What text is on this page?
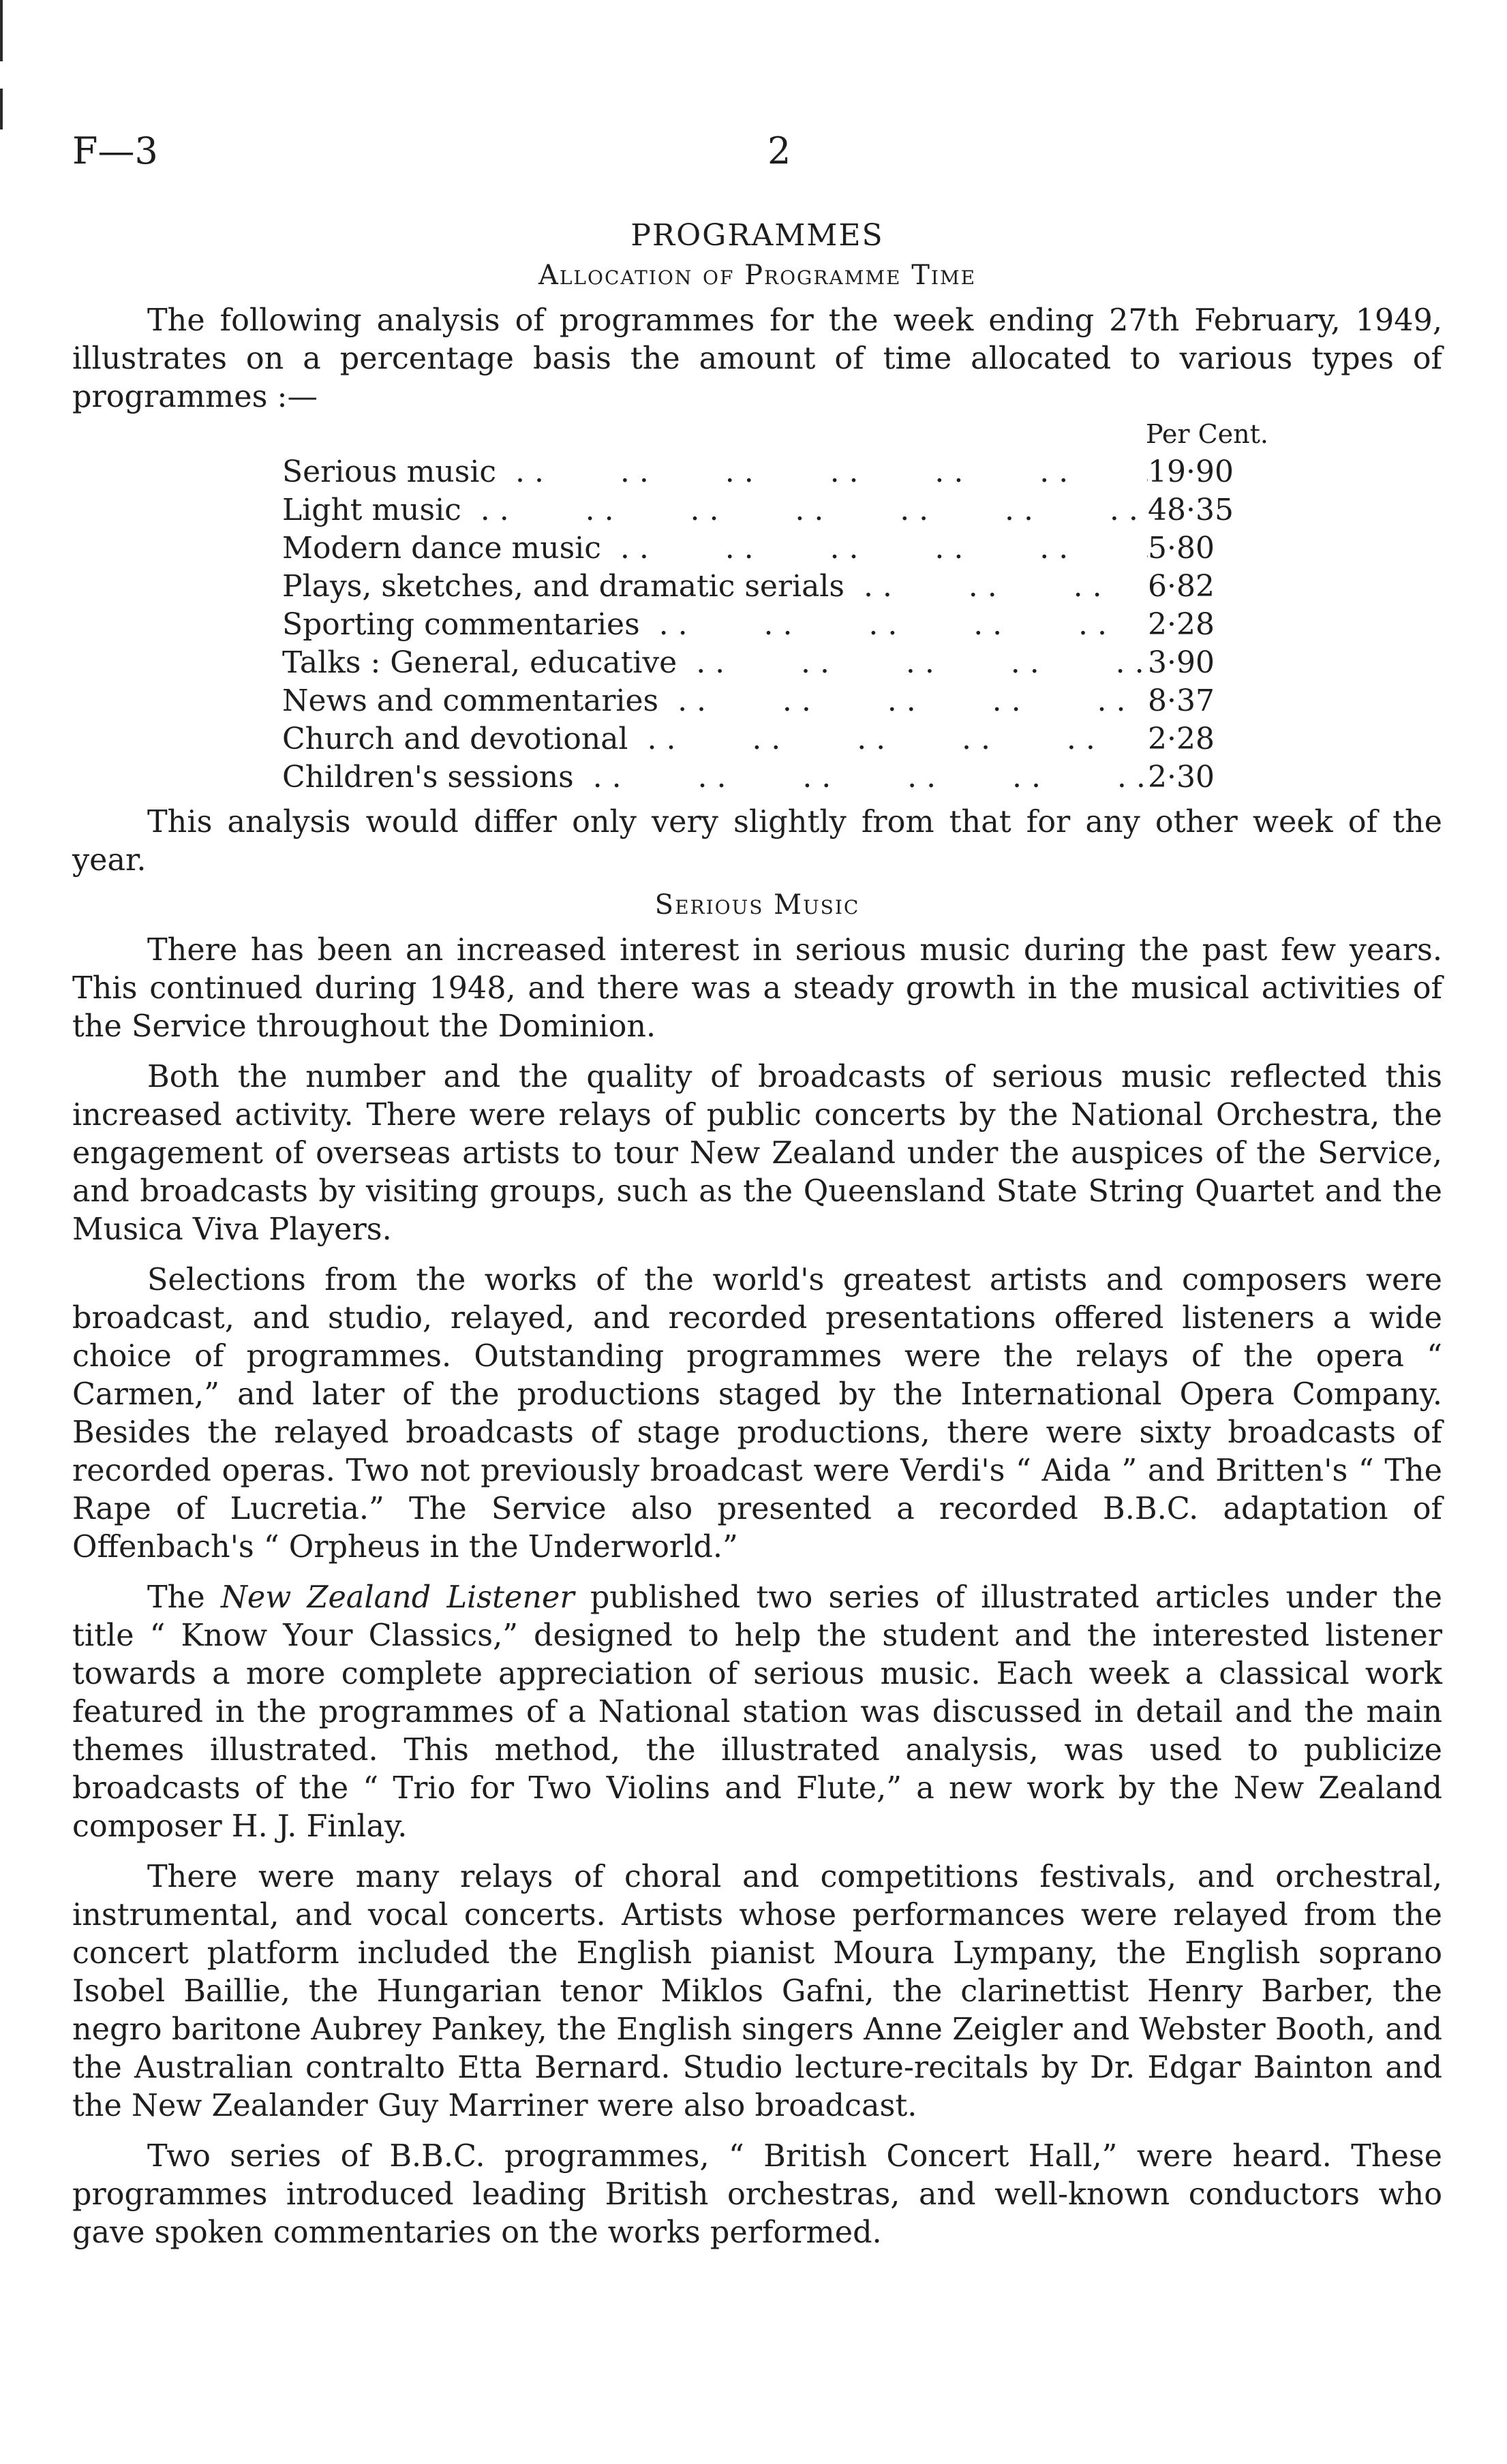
F—3	2
PROGRAMMES
Allocation of Programme Time

The following analysis of programmes for the week ending 27th February, 1949, illustrates on a percentage basis the amount of time allocated to various types of programmes :—

Per Cent.
Serious music . .	19·90
Light music . .	48·35
Modern dance music . .	5·80
Plays, sketches, and dramatic serials . .	6·82
Sporting commentaries . .	2·28
Talks : General, educative . .	3·90
News and commentaries . .	8·37
Church and devotional . .	2·28
Children's sessions . .	2·30

This analysis would differ only very slightly from that for any other week of the year.

Serious Music

There has been an increased interest in serious music during the past few years. This continued during 1948, and there was a steady growth in the musical activities of the Service throughout the Dominion.

Both the number and the quality of broadcasts of serious music reflected this increased activity. There were relays of public concerts by the National Orchestra, the engagement of overseas artists to tour New Zealand under the auspices of the Service, and broadcasts by visiting groups, such as the Queensland State String Quartet and the Musica Viva Players.

Selections from the works of the world's greatest artists and composers were broadcast, and studio, relayed, and recorded presentations offered listeners a wide choice of programmes. Outstanding programmes were the relays of the opera “ Carmen,” and later of the productions staged by the International Opera Company. Besides the relayed broadcasts of stage productions, there were sixty broadcasts of recorded operas. Two not previously broadcast were Verdi's “ Aida ” and Britten's “ The Rape of Lucretia.” The Service also presented a recorded B.B.C. adaptation of Offenbach's “ Orpheus in the Underworld.”

The New Zealand Listener published two series of illustrated articles under the title “ Know Your Classics,” designed to help the student and the interested listener towards a more complete appreciation of serious music. Each week a classical work featured in the programmes of a National station was discussed in detail and the main themes illustrated. This method, the illustrated analysis, was used to publicize broadcasts of the “ Trio for Two Violins and Flute,” a new work by the New Zealand composer H. J. Finlay.

There were many relays of choral and competitions festivals, and orchestral, instrumental, and vocal concerts. Artists whose performances were relayed from the concert platform included the English pianist Moura Lympany, the English soprano Isobel Baillie, the Hungarian tenor Miklos Gafni, the clarinettist Henry Barber, the negro baritone Aubrey Pankey, the English singers Anne Zeigler and Webster Booth, and the Australian contralto Etta Bernard. Studio lecture-recitals by Dr. Edgar Bainton and the New Zealander Guy Marriner were also broadcast.

Two series of B.B.C. programmes, “ British Concert Hall,” were heard. These programmes introduced leading British orchestras, and well-known conductors who gave spoken commentaries on the works performed.
